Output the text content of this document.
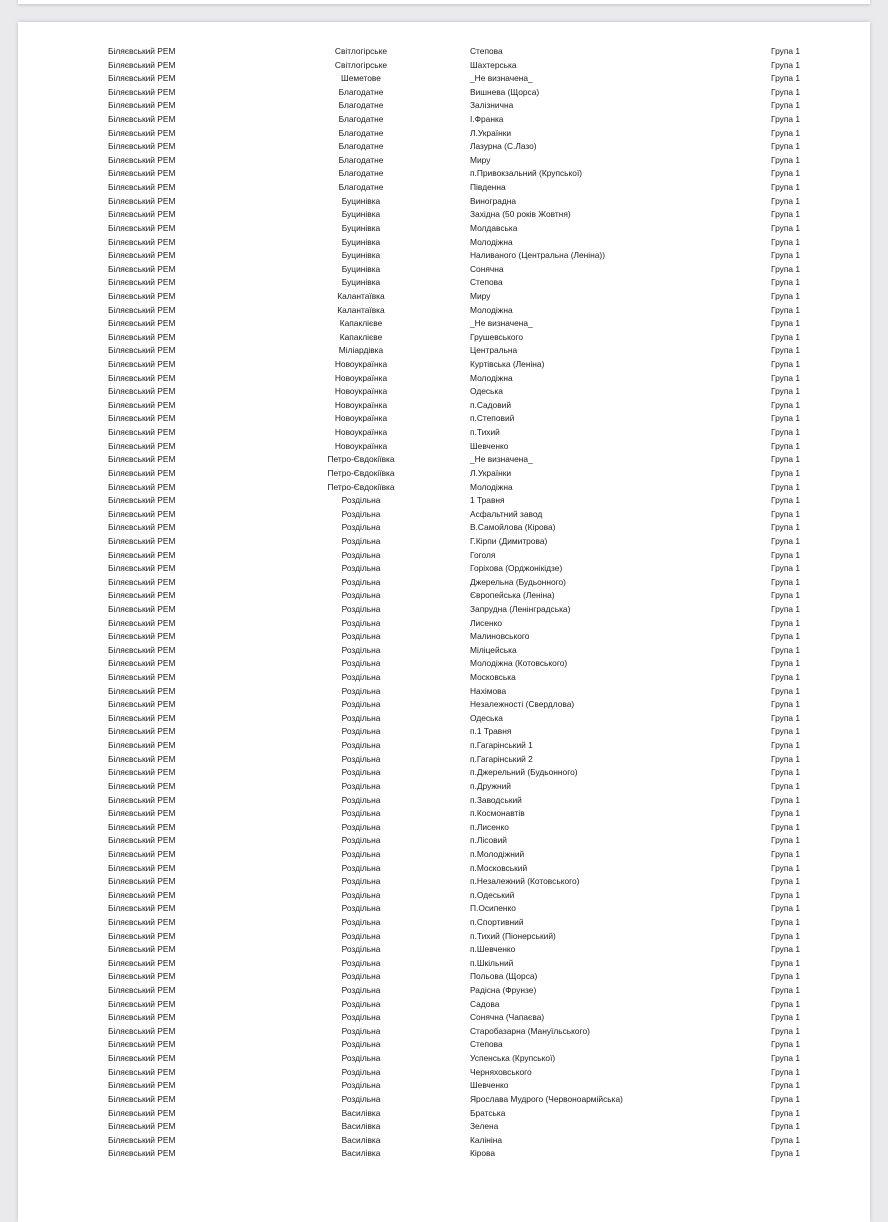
Біляєвський РЕМ	Світлогірське	Степова	Група 1
Біляєвський РЕМ	Світлогірське	Шахтерська	Група 1
Біляєвський РЕМ	Шеметове	_Не визначена_	Група 1
Біляєвський РЕМ	Благодатне	Вишнева (Щорса)	Група 1
Біляєвський РЕМ	Благодатне	Залізнична	Група 1
Біляєвський РЕМ	Благодатне	І.Франка	Група 1
Біляєвський РЕМ	Благодатне	Л.Українки	Група 1
Біляєвський РЕМ	Благодатне	Лазурна (С.Лазо)	Група 1
Біляєвський РЕМ	Благодатне	Миру	Група 1
Біляєвський РЕМ	Благодатне	п.Привокзальний (Крупської)	Група 1
Біляєвський РЕМ	Благодатне	Південна	Група 1
Біляєвський РЕМ	Буцинівка	Виноградна	Група 1
Біляєвський РЕМ	Буцинівка	Західна (50 років Жовтня)	Група 1
Біляєвський РЕМ	Буцинівка	Молдавська	Група 1
Біляєвський РЕМ	Буцинівка	Молодіжна	Група 1
Біляєвський РЕМ	Буцинівка	Наливаного (Центральна (Леніна))	Група 1
Біляєвський РЕМ	Буцинівка	Сонячна	Група 1
Біляєвський РЕМ	Буцинівка	Степова	Група 1
Біляєвський РЕМ	Калантаївка	Миру	Група 1
Біляєвський РЕМ	Калантаївка	Молодіжна	Група 1
Біляєвський РЕМ	Капаклієве	_Не визначена_	Група 1
Біляєвський РЕМ	Капаклієве	Грушевського	Група 1
Біляєвський РЕМ	Міліардівка	Центральна	Група 1
Біляєвський РЕМ	Новоукраїнка	Куртівська (Леніна)	Група 1
Біляєвський РЕМ	Новоукраїнка	Молодіжна	Група 1
Біляєвський РЕМ	Новоукраїнка	Одеська	Група 1
Біляєвський РЕМ	Новоукраїнка	п.Садовий	Група 1
Біляєвський РЕМ	Новоукраїнка	п.Степовий	Група 1
Біляєвський РЕМ	Новоукраїнка	п.Тихий	Група 1
Біляєвський РЕМ	Новоукраїнка	Шевченко	Група 1
Біляєвський РЕМ	Петро-Євдокіївка	_Не визначена_	Група 1
Біляєвський РЕМ	Петро-Євдокіївка	Л.Українки	Група 1
Біляєвський РЕМ	Петро-Євдокіївка	Молодіжна	Група 1
Біляєвський РЕМ	Роздільна	1 Травня	Група 1
Біляєвський РЕМ	Роздільна	Асфальтний завод	Група 1
Біляєвський РЕМ	Роздільна	В.Самойлова (Кірова)	Група 1
Біляєвський РЕМ	Роздільна	Г.Кірпи (Димитрова)	Група 1
Біляєвський РЕМ	Роздільна	Гоголя	Група 1
Біляєвський РЕМ	Роздільна	Горіхова (Орджонікідзе)	Група 1
Біляєвський РЕМ	Роздільна	Джерельна (Будьонного)	Група 1
Біляєвський РЕМ	Роздільна	Європейська (Леніна)	Група 1
Біляєвський РЕМ	Роздільна	Запрудна (Ленінградська)	Група 1
Біляєвський РЕМ	Роздільна	Лисенко	Група 1
Біляєвський РЕМ	Роздільна	Малиновського	Група 1
Біляєвський РЕМ	Роздільна	Міліцейська	Група 1
Біляєвський РЕМ	Роздільна	Молодіжна (Котовського)	Група 1
Біляєвський РЕМ	Роздільна	Московська	Група 1
Біляєвський РЕМ	Роздільна	Нахімова	Група 1
Біляєвський РЕМ	Роздільна	Незалежності (Свердлова)	Група 1
Біляєвський РЕМ	Роздільна	Одеська	Група 1
Біляєвський РЕМ	Роздільна	п.1 Травня	Група 1
Біляєвський РЕМ	Роздільна	п.Гагарінський 1	Група 1
Біляєвський РЕМ	Роздільна	п.Гагарінський 2	Група 1
Біляєвський РЕМ	Роздільна	п.Джерельний (Будьонного)	Група 1
Біляєвський РЕМ	Роздільна	п.Дружний	Група 1
Біляєвський РЕМ	Роздільна	п.Заводський	Група 1
Біляєвський РЕМ	Роздільна	п.Космонавтів	Група 1
Біляєвський РЕМ	Роздільна	п.Лисенко	Група 1
Біляєвський РЕМ	Роздільна	п.Лісовий	Група 1
Біляєвський РЕМ	Роздільна	п.Молодіжний	Група 1
Біляєвський РЕМ	Роздільна	п.Московський	Група 1
Біляєвський РЕМ	Роздільна	п.Незалежний (Котовського)	Група 1
Біляєвський РЕМ	Роздільна	п.Одеський	Група 1
Біляєвський РЕМ	Роздільна	П.Осипенко	Група 1
Біляєвський РЕМ	Роздільна	п.Спортивний	Група 1
Біляєвський РЕМ	Роздільна	п.Тихий (Піонерський)	Група 1
Біляєвський РЕМ	Роздільна	п.Шевченко	Група 1
Біляєвський РЕМ	Роздільна	п.Шкільний	Група 1
Біляєвський РЕМ	Роздільна	Польова (Щорса)	Група 1
Біляєвський РЕМ	Роздільна	Радісна (Фрунзе)	Група 1
Біляєвський РЕМ	Роздільна	Садова	Група 1
Біляєвський РЕМ	Роздільна	Сонячна (Чапаєва)	Група 1
Біляєвський РЕМ	Роздільна	Старобазарна (Мануїльського)	Група 1
Біляєвський РЕМ	Роздільна	Степова	Група 1
Біляєвський РЕМ	Роздільна	Успенська (Крупської)	Група 1
Біляєвський РЕМ	Роздільна	Черняховського	Група 1
Біляєвський РЕМ	Роздільна	Шевченко	Група 1
Біляєвський РЕМ	Роздільна	Ярослава Мудрого (Червоноармійська)	Група 1
Біляєвський РЕМ	Василівка	Братська	Група 1
Біляєвський РЕМ	Василівка	Зелена	Група 1
Біляєвський РЕМ	Василівка	Калініна	Група 1
Біляєвський РЕМ	Василівка	Кірова	Група 1
